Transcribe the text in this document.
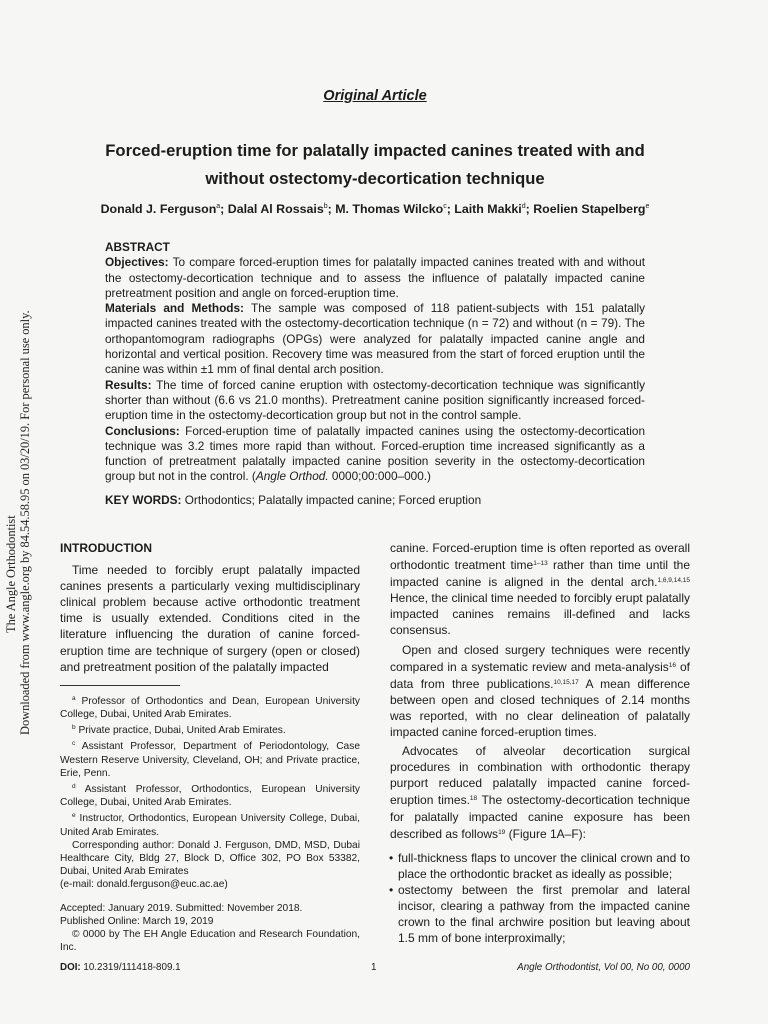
The Angle Orthodontist Downloaded from www.angle.org by 84.54.58.95 on 03/20/19. For personal use only.
Original Article
Forced-eruption time for palatally impacted canines treated with and
without ostectomy-decortication technique
Donald J. Ferguson$^a$; Dalal Al Rossais$^b$; M. Thomas Wilcko$^c$; Laith Makki$^d$; Roelien Stapelberg$^e$

ABSTRACT

Objectives: To compare forced-eruption times for palatally impacted canines treated with and without the ostectomy-decortication technique and to assess the influence of palatally impacted canine pretreatment position and angle on forced-eruption time.

Materials and Methods: The sample was composed of 118 patient-subjects with 151 palatally impacted canines treated with the ostectomy-decortication technique (n = 72) and without (n = 79). The orthopantomogram radiographs (OPGs) were analyzed for palatally impacted canine angle and horizontal and vertical position. Recovery time was measured from the start of forced eruption until the canine was within ±1 mm of final dental arch position.

Results: The time of forced canine eruption with ostectomy-decortication technique was significantly shorter than without (6.6 vs 21.0 months). Pretreatment canine position significantly increased forced-eruption time in the ostectomy-decortication group but not in the control sample.

Conclusions: Forced-eruption time of palatally impacted canines using the ostectomy-decortication technique was 3.2 times more rapid than without. Forced-eruption time increased significantly as a function of pretreatment palatally impacted canine position severity in the ostectomy-decortication group but not in the control. (Angle Orthod. 0000;00:000–000.)

KEY WORDS: Orthodontics; Palatally impacted canine; Forced eruption

INTRODUCTION

Time needed to forcibly erupt palatally impacted canines presents a particularly vexing multidisciplinary clinical problem because active orthodontic treatment time is usually extended. Conditions cited in the literature influencing the duration of canine forced-eruption time are technique of surgery (open or closed) and pretreatment position of the palatally impacted

$^a$ Professor of Orthodontics and Dean, European University College, Dubai, United Arab Emirates.

$^b$ Private practice, Dubai, United Arab Emirates.

$^c$ Assistant Professor, Department of Periodontology, Case Western Reserve University, Cleveland, OH; and Private practice, Erie, Penn.

$^d$ Assistant Professor, Orthodontics, European University College, Dubai, United Arab Emirates.

$^e$ Instructor, Orthodontics, European University College, Dubai, United Arab Emirates.

Corresponding author: Donald J. Ferguson, DMD, MSD, Dubai Healthcare City, Bldg 27, Block D, Office 302, PO Box 53382, Dubai, United Arab Emirates

(e-mail: donald.ferguson@euc.ac.ae)

Accepted: January 2019. Submitted: November 2018.

Published Online: March 19, 2019

© 0000 by The EH Angle Education and Research Foundation, Inc.

canine. Forced-eruption time is often reported as overall orthodontic treatment time$^{1-13}$ rather than time until the impacted canine is aligned in the dental arch.$^{1,6,9,14,15}$ Hence, the clinical time needed to forcibly erupt palatally impacted canines remains ill-defined and lacks consensus.

Open and closed surgery techniques were recently compared in a systematic review and meta-analysis$^{16}$ of data from three publications.$^{10,15,17}$ A mean difference between open and closed techniques of 2.14 months was reported, with no clear delineation of palatally impacted canine forced-eruption times.

Advocates of alveolar decortication surgical procedures in combination with orthodontic therapy purport reduced palatally impacted canine forced-eruption times.$^{18}$ The ostectomy-decortication technique for palatally impacted canine exposure has been described as follows$^{19}$ (Figure 1A–F):

• full-thickness flaps to uncover the clinical crown and to place the orthodontic bracket as ideally as possible;
• ostectomy between the first premolar and lateral incisor, clearing a pathway from the impacted canine crown to the final archwire position but leaving about 1.5 mm of bone interproximally;
DOI: 10.2319/111418-809.1	1	Angle Orthodontist, Vol 00, No 00, 0000
